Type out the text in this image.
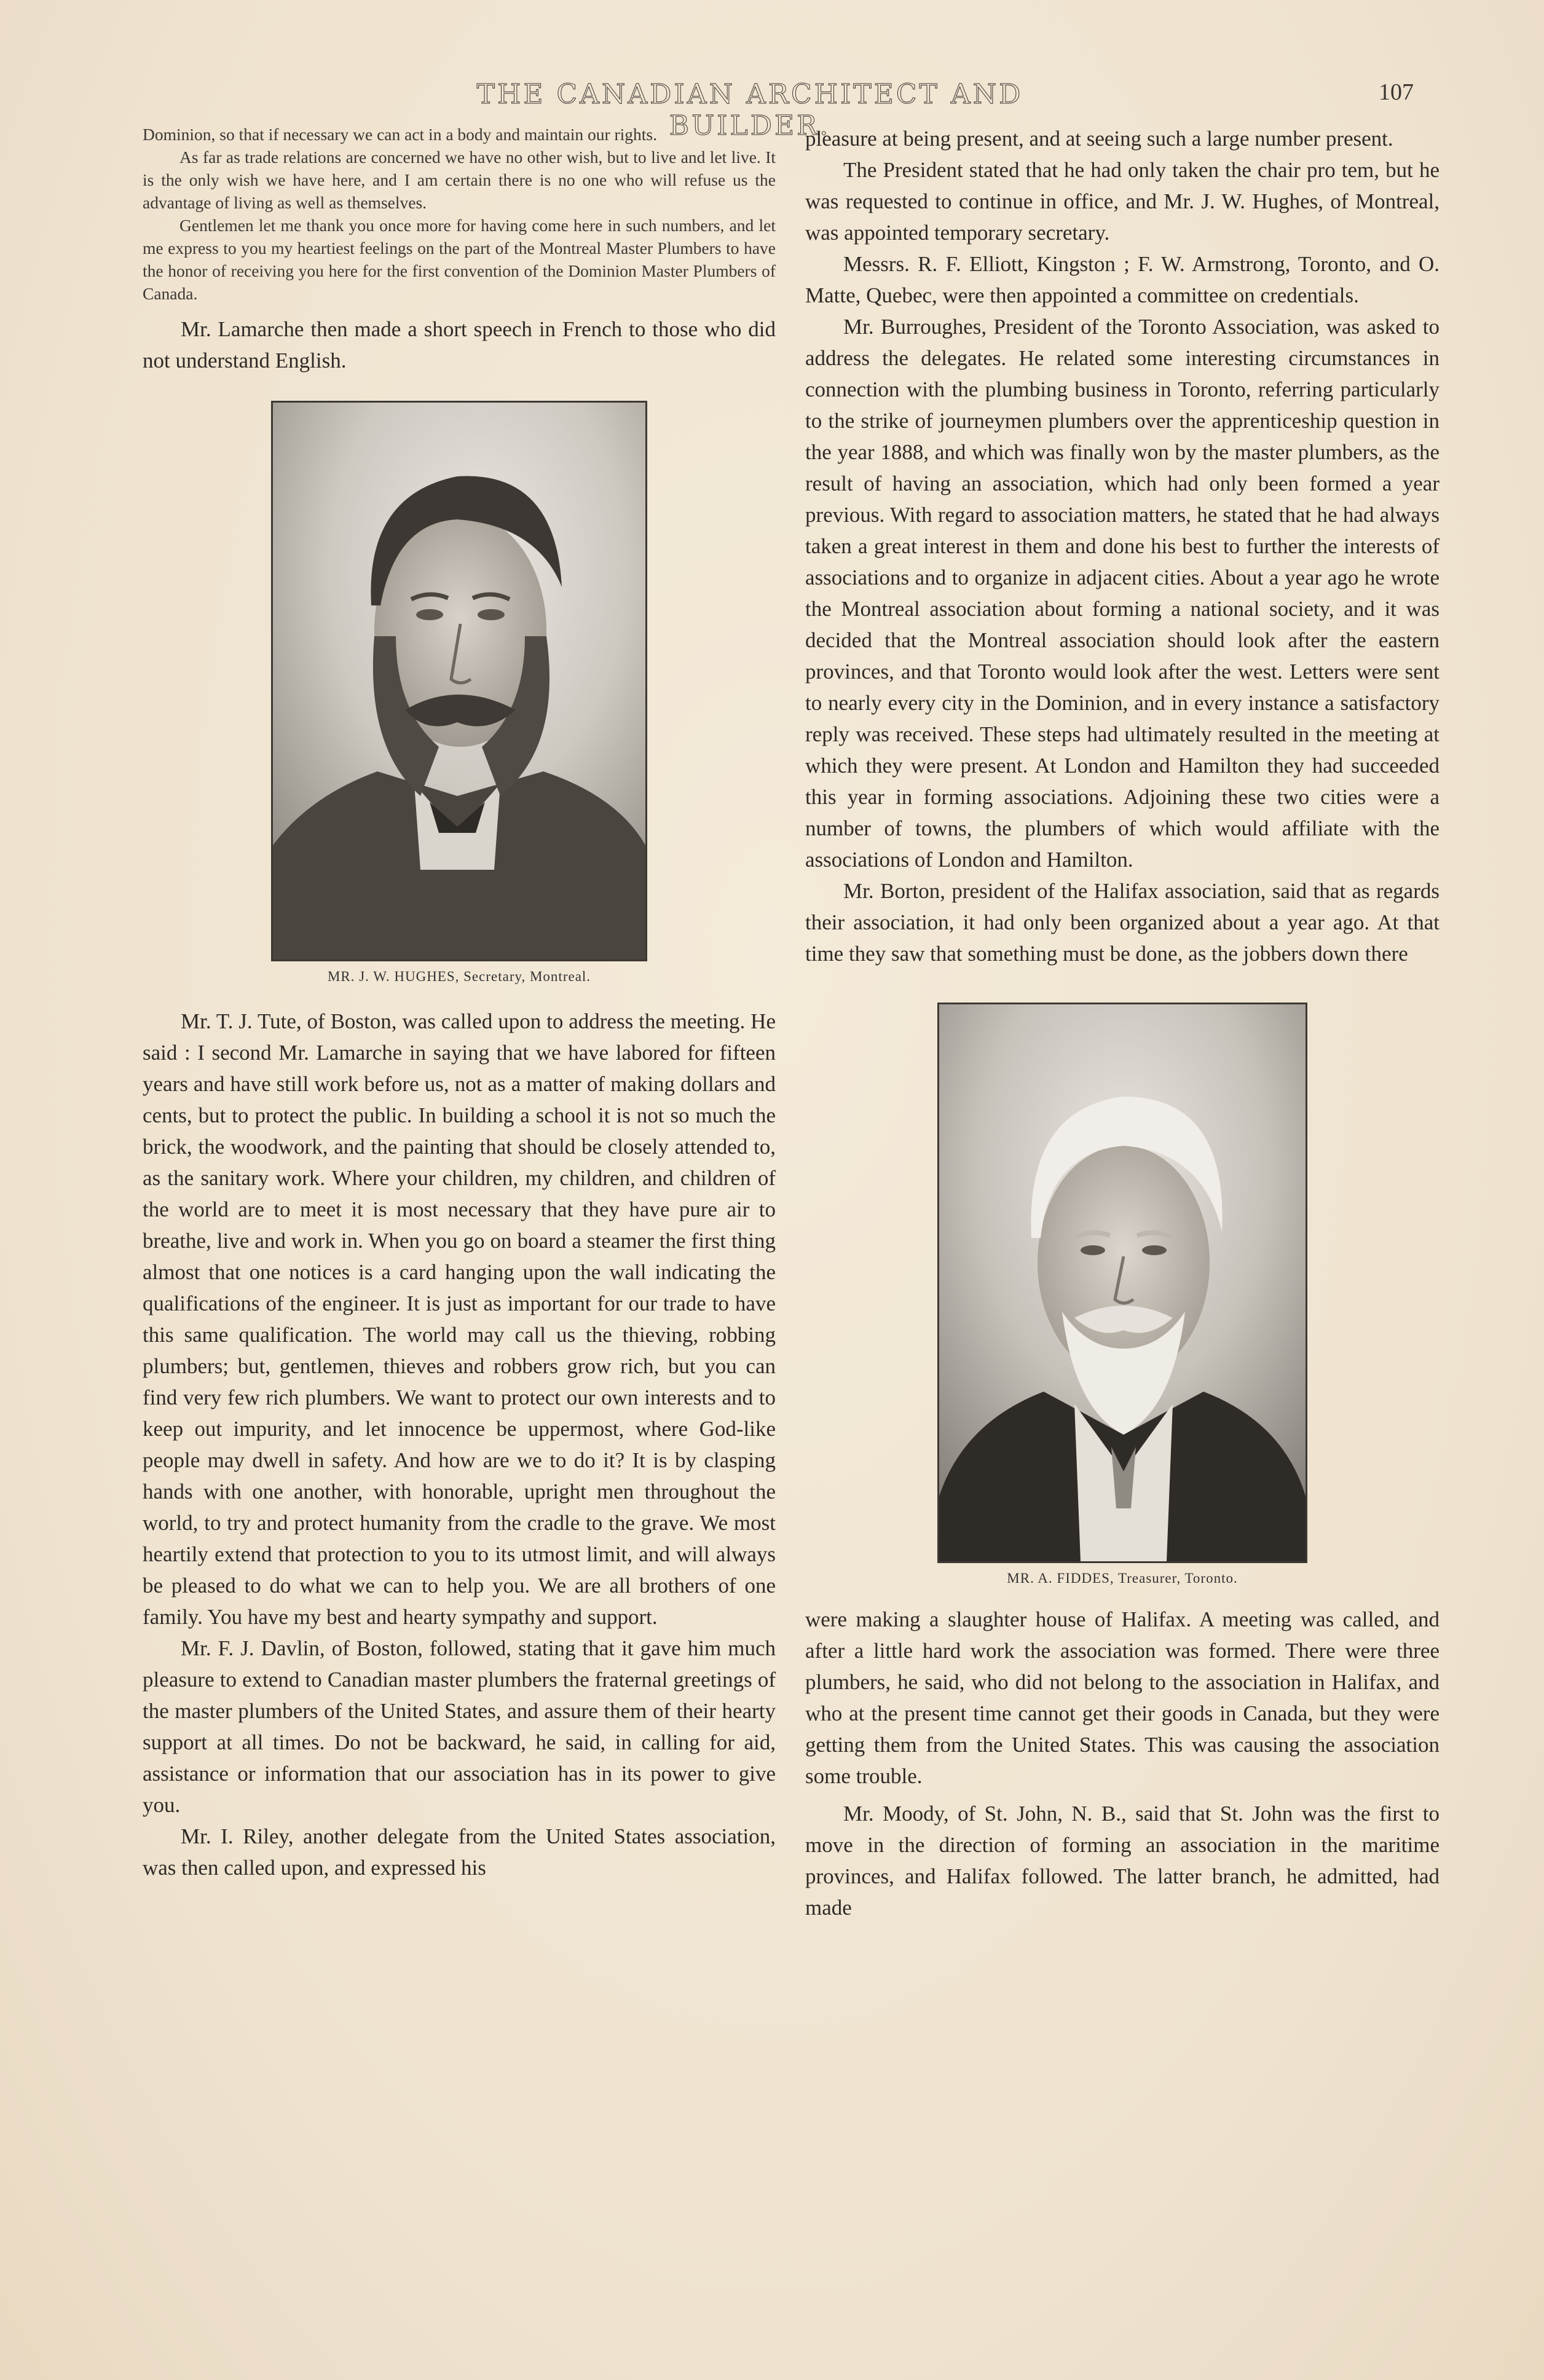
THE CANADIAN ARCHITECT AND BUILDER.
107

Dominion, so that if necessary we can act in a body and maintain our rights.

As far as trade relations are concerned we have no other wish, but to live and let live. It is the only wish we have here, and I am certain there is no one who will refuse us the advantage of living as well as themselves.

Gentlemen let me thank you once more for having come here in such numbers, and let me express to you my heartiest feelings on the part of the Montreal Master Plumbers to have the honor of receiving you here for the first convention of the Dominion Master Plumbers of Canada.

Mr. Lamarche then made a short speech in French to those who did not understand English.

MR. J. W. HUGHES, Secretary, Montreal.

Mr. T. J. Tute, of Boston, was called upon to address the meeting. He said : I second Mr. Lamarche in saying that we have labored for fifteen years and have still work before us, not as a matter of making dollars and cents, but to protect the public. In building a school it is not so much the brick, the woodwork, and the painting that should be closely attended to, as the sanitary work. Where your children, my children, and children of the world are to meet it is most necessary that they have pure air to breathe, live and work in. When you go on board a steamer the first thing almost that one notices is a card hanging upon the wall indicating the qualifications of the engineer. It is just as important for our trade to have this same qualification. The world may call us the thieving, robbing plumbers; but, gentlemen, thieves and robbers grow rich, but you can find very few rich plumbers. We want to protect our own interests and to keep out impurity, and let innocence be uppermost, where God-like people may dwell in safety. And how are we to do it? It is by clasping hands with one another, with honorable, upright men throughout the world, to try and protect humanity from the cradle to the grave. We most heartily extend that protection to you to its utmost limit, and will always be pleased to do what we can to help you. We are all brothers of one family. You have my best and hearty sympathy and support.

Mr. F. J. Davlin, of Boston, followed, stating that it gave him much pleasure to extend to Canadian master plumbers the fraternal greetings of the master plumbers of the United States, and assure them of their hearty support at all times. Do not be backward, he said, in calling for aid, assistance or information that our association has in its power to give you.

Mr. I. Riley, another delegate from the United States association, was then called upon, and expressed his

pleasure at being present, and at seeing such a large number present.

The President stated that he had only taken the chair pro tem, but he was requested to continue in office, and Mr. J. W. Hughes, of Montreal, was appointed temporary secretary.

Messrs. R. F. Elliott, Kingston ; F. W. Armstrong, Toronto, and O. Matte, Quebec, were then appointed a committee on credentials.

Mr. Burroughes, President of the Toronto Association, was asked to address the delegates. He related some interesting circumstances in connection with the plumbing business in Toronto, referring particularly to the strike of journeymen plumbers over the apprenticeship question in the year 1888, and which was finally won by the master plumbers, as the result of having an association, which had only been formed a year previous. With regard to association matters, he stated that he had always taken a great interest in them and done his best to further the interests of associations and to organize in adjacent cities. About a year ago he wrote the Montreal association about forming a national society, and it was decided that the Montreal association should look after the eastern provinces, and that Toronto would look after the west. Letters were sent to nearly every city in the Dominion, and in every instance a satisfactory reply was received. These steps had ultimately resulted in the meeting at which they were present. At London and Hamilton they had succeeded this year in forming associations. Adjoining these two cities were a number of towns, the plumbers of which would affiliate with the associations of London and Hamilton.

Mr. Borton, president of the Halifax association, said that as regards their association, it had only been organized about a year ago. At that time they saw that something must be done, as the jobbers down there

MR. A. FIDDES, Treasurer, Toronto.

were making a slaughter house of Halifax. A meeting was called, and after a little hard work the association was formed. There were three plumbers, he said, who did not belong to the association in Halifax, and who at the present time cannot get their goods in Canada, but they were getting them from the United States. This was causing the association some trouble.

Mr. Moody, of St. John, N. B., said that St. John was the first to move in the direction of forming an association in the maritime provinces, and Halifax followed. The latter branch, he admitted, had made
